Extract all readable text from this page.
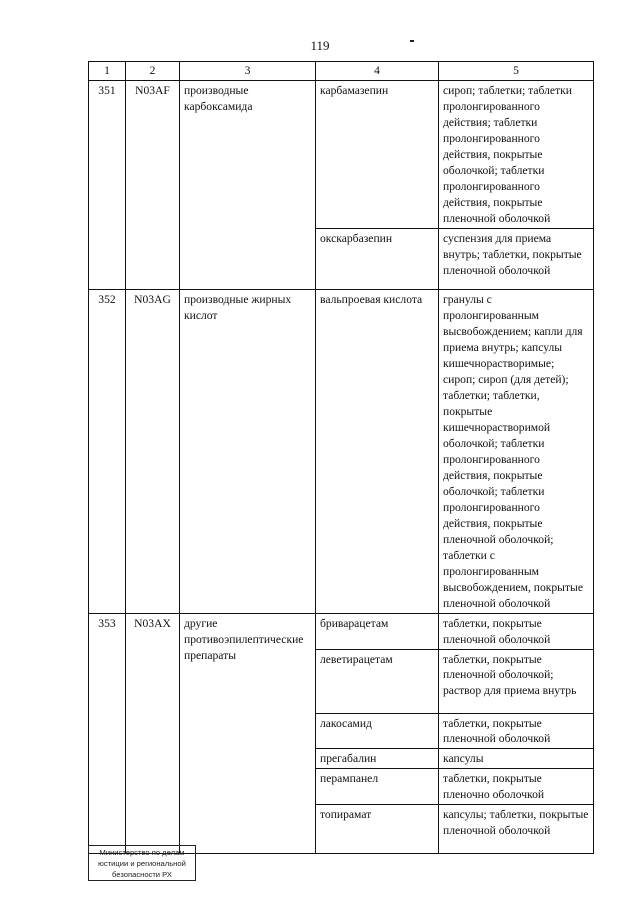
119
1	2	3	4	5
351	N03AF	производные карбоксамида	карбамазепин	сироп; таблетки; таблетки пролонгированного действия; таблетки пролонгированного действия, покрытые оболочкой; таблетки пролонгированного действия, покрытые пленочной оболочкой
			окскарбазепин	суспензия для приема внутрь; таблетки, покрытые пленочной оболочкой
352	N03AG	производные жирных кислот	вальпроевая кислота	гранулы с пролонгированным высвобождением; капли для приема внутрь; капсулы кишечнорастворимые; сироп; сироп (для детей); таблетки; таблетки, покрытые кишечнорастворимой оболочкой; таблетки пролонгированного действия, покрытые оболочкой; таблетки пролонгированного действия, покрытые пленочной оболочкой; таблетки с пролонгированным высвобождением, покрытые пленочной оболочкой
353	N03AX	другие противоэпилептические препараты	бриварацетам	таблетки, покрытые пленочной оболочкой
			леветирацетам	таблетки, покрытые пленочной оболочкой; раствор для приема внутрь
			лакосамид	таблетки, покрытые пленочной оболочкой
			прегабалин	капсулы
			перампанел	таблетки, покрытые пленочно оболочкой
			топирамат	капсулы; таблетки, покрытые пленочной оболочкой
Министерство по делам
юстиции и региональной
безопасности РХ
